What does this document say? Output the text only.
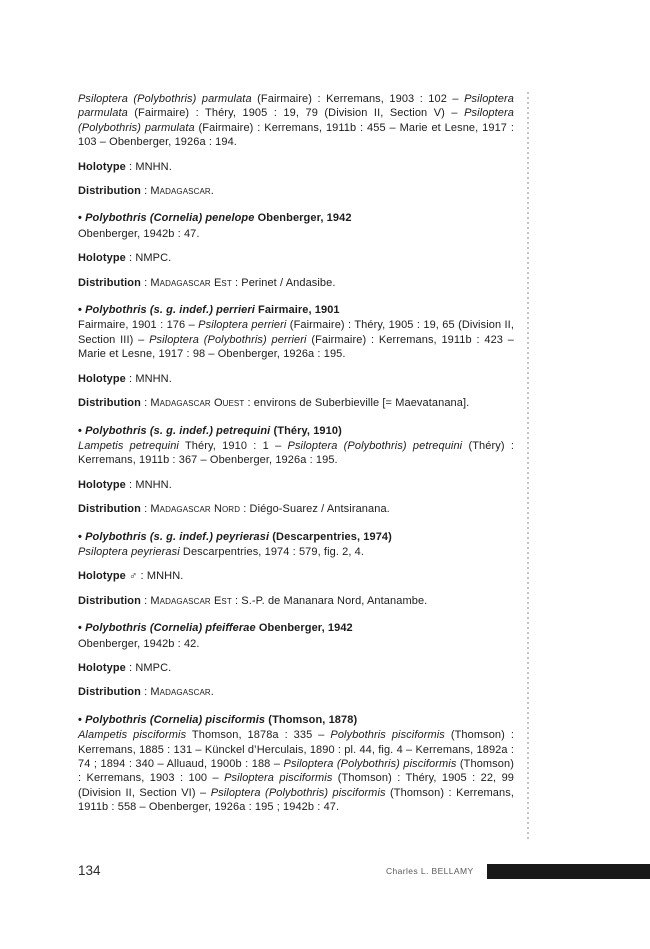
Psiloptera (Polybothris) parmulata (Fairmaire) : Kerremans, 1903 : 102 – Psiloptera parmulata (Fairmaire) : Théry, 1905 : 19, 79 (Division II, Section V) – Psiloptera (Polybothris) parmulata (Fairmaire) : Kerremans, 1911b : 455 – Marie et Lesne, 1917 : 103 – Obenberger, 1926a : 194.

Holotype : MNHN.

Distribution : Madagascar.

• Polybothris (Cornelia) penelope Obenberger, 1942

Obenberger, 1942b : 47.

Holotype : NMPC.

Distribution : Madagascar Est : Perinet / Andasibe.

• Polybothris (s. g. indef.) perrieri Fairmaire, 1901

Fairmaire, 1901 : 176 – Psiloptera perrieri (Fairmaire) : Théry, 1905 : 19, 65 (Division II, Section III) – Psiloptera (Polybothris) perrieri (Fairmaire) : Kerremans, 1911b : 423 – Marie et Lesne, 1917 : 98 – Obenberger, 1926a : 195.

Holotype : MNHN.

Distribution : Madagascar Ouest : environs de Suberbieville [= Maevatanana].

• Polybothris (s. g. indef.) petrequini (Théry, 1910)

Lampetis petrequini Théry, 1910 : 1 – Psiloptera (Polybothris) petrequini (Théry) : Kerremans, 1911b : 367 – Obenberger, 1926a : 195.

Holotype : MNHN.

Distribution : Madagascar Nord : Diégo-Suarez / Antsiranana.

• Polybothris (s. g. indef.) peyrierasi (Descarpentries, 1974)

Psiloptera peyrierasi Descarpentries, 1974 : 579, fig. 2, 4.

Holotype ♂ : MNHN.

Distribution : Madagascar Est : S.-P. de Mananara Nord, Antanambe.

• Polybothris (Cornelia) pfeifferae Obenberger, 1942

Obenberger, 1942b : 42.

Holotype : NMPC.

Distribution : Madagascar.

• Polybothris (Cornelia) pisciformis (Thomson, 1878)

Alampetis pisciformis Thomson, 1878a : 335 – Polybothris pisciformis (Thomson) : Kerremans, 1885 : 131 – Künckel d’Herculais, 1890 : pl. 44, fig. 4 – Kerremans, 1892a : 74 ; 1894 : 340 – Alluaud, 1900b : 188 – Psiloptera (Polybothris) pisciformis (Thomson) : Kerremans, 1903 : 100 – Psiloptera pisciformis (Thomson) : Théry, 1905 : 22, 99 (Division II, Section VI) – Psiloptera (Polybothris) pisciformis (Thomson) : Kerremans, 1911b : 558 – Obenberger, 1926a : 195 ; 1942b : 47.

134	Charles L. BELLAMY
